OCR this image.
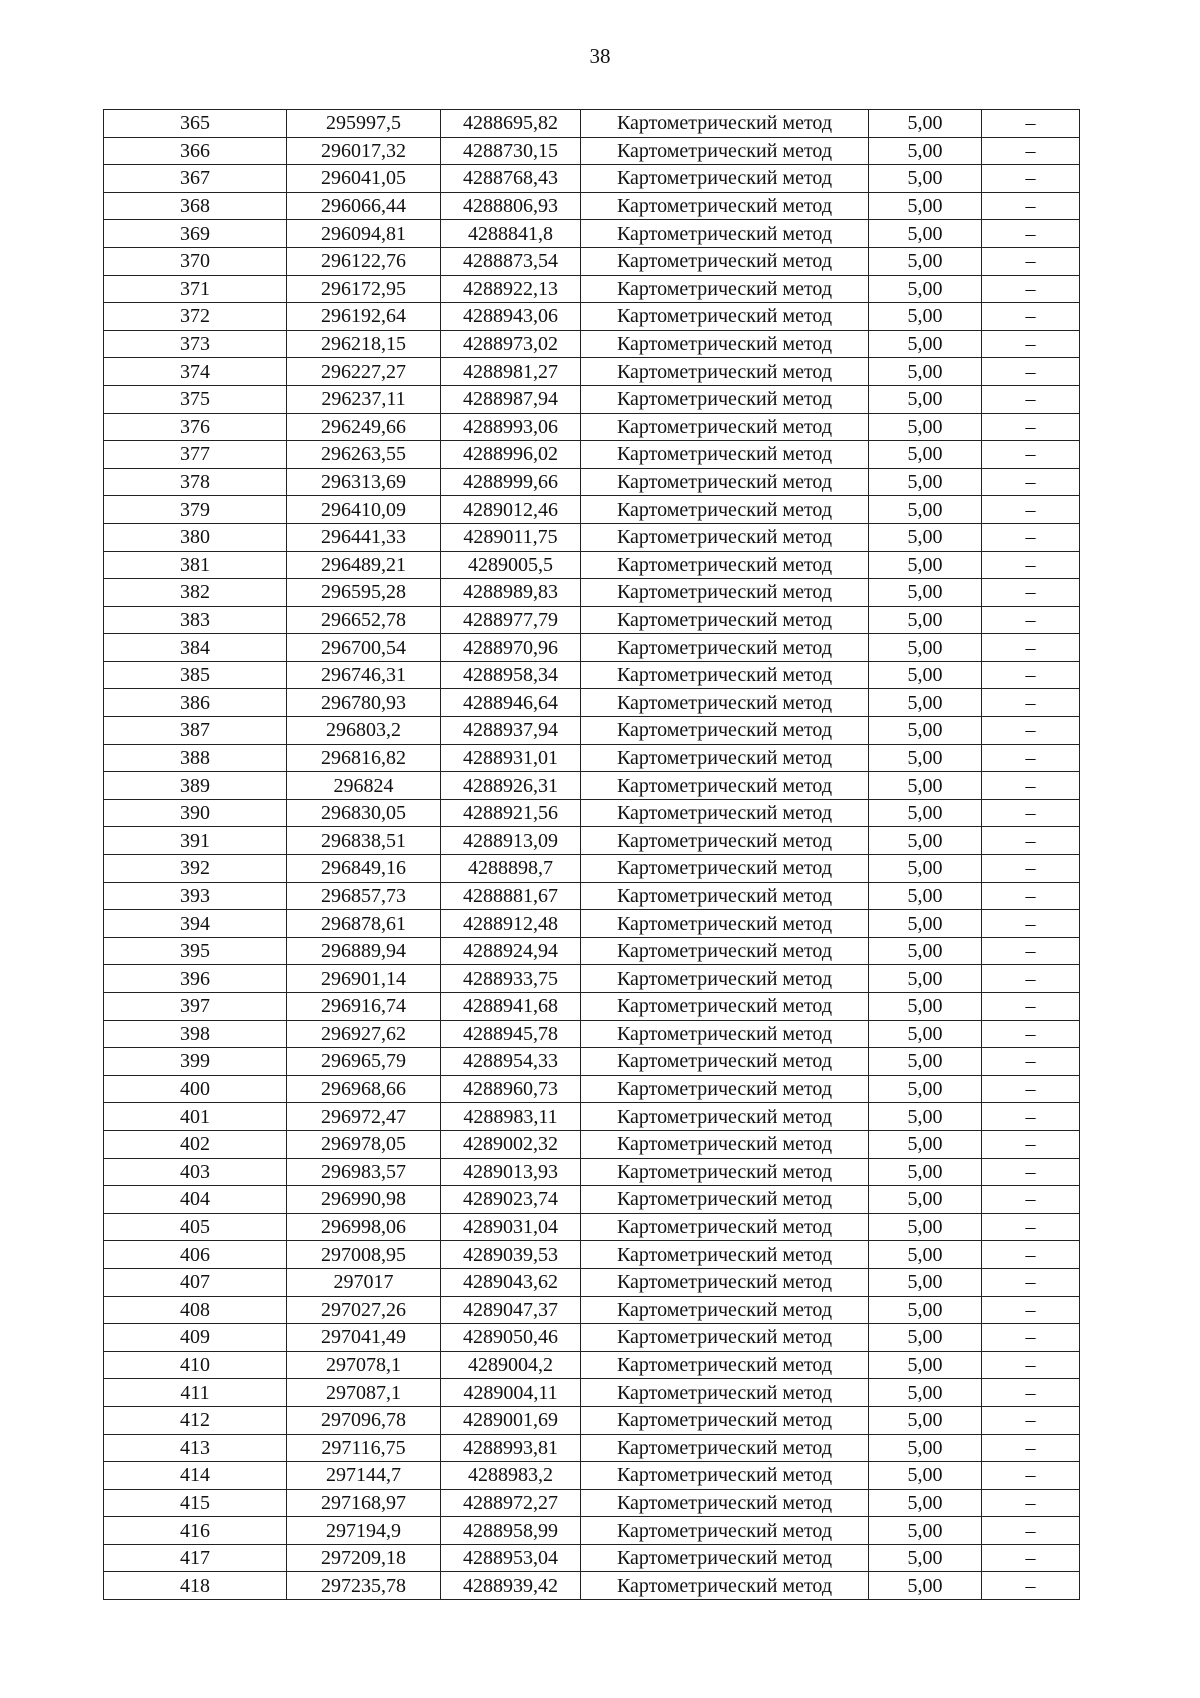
38
365	295997,5	4288695,82	Картометрический метод	5,00	–
366	296017,32	4288730,15	Картометрический метод	5,00	–
367	296041,05	4288768,43	Картометрический метод	5,00	–
368	296066,44	4288806,93	Картометрический метод	5,00	–
369	296094,81	4288841,8	Картометрический метод	5,00	–
370	296122,76	4288873,54	Картометрический метод	5,00	–
371	296172,95	4288922,13	Картометрический метод	5,00	–
372	296192,64	4288943,06	Картометрический метод	5,00	–
373	296218,15	4288973,02	Картометрический метод	5,00	–
374	296227,27	4288981,27	Картометрический метод	5,00	–
375	296237,11	4288987,94	Картометрический метод	5,00	–
376	296249,66	4288993,06	Картометрический метод	5,00	–
377	296263,55	4288996,02	Картометрический метод	5,00	–
378	296313,69	4288999,66	Картометрический метод	5,00	–
379	296410,09	4289012,46	Картометрический метод	5,00	–
380	296441,33	4289011,75	Картометрический метод	5,00	–
381	296489,21	4289005,5	Картометрический метод	5,00	–
382	296595,28	4288989,83	Картометрический метод	5,00	–
383	296652,78	4288977,79	Картометрический метод	5,00	–
384	296700,54	4288970,96	Картометрический метод	5,00	–
385	296746,31	4288958,34	Картометрический метод	5,00	–
386	296780,93	4288946,64	Картометрический метод	5,00	–
387	296803,2	4288937,94	Картометрический метод	5,00	–
388	296816,82	4288931,01	Картометрический метод	5,00	–
389	296824	4288926,31	Картометрический метод	5,00	–
390	296830,05	4288921,56	Картометрический метод	5,00	–
391	296838,51	4288913,09	Картометрический метод	5,00	–
392	296849,16	4288898,7	Картометрический метод	5,00	–
393	296857,73	4288881,67	Картометрический метод	5,00	–
394	296878,61	4288912,48	Картометрический метод	5,00	–
395	296889,94	4288924,94	Картометрический метод	5,00	–
396	296901,14	4288933,75	Картометрический метод	5,00	–
397	296916,74	4288941,68	Картометрический метод	5,00	–
398	296927,62	4288945,78	Картометрический метод	5,00	–
399	296965,79	4288954,33	Картометрический метод	5,00	–
400	296968,66	4288960,73	Картометрический метод	5,00	–
401	296972,47	4288983,11	Картометрический метод	5,00	–
402	296978,05	4289002,32	Картометрический метод	5,00	–
403	296983,57	4289013,93	Картометрический метод	5,00	–
404	296990,98	4289023,74	Картометрический метод	5,00	–
405	296998,06	4289031,04	Картометрический метод	5,00	–
406	297008,95	4289039,53	Картометрический метод	5,00	–
407	297017	4289043,62	Картометрический метод	5,00	–
408	297027,26	4289047,37	Картометрический метод	5,00	–
409	297041,49	4289050,46	Картометрический метод	5,00	–
410	297078,1	4289004,2	Картометрический метод	5,00	–
411	297087,1	4289004,11	Картометрический метод	5,00	–
412	297096,78	4289001,69	Картометрический метод	5,00	–
413	297116,75	4288993,81	Картометрический метод	5,00	–
414	297144,7	4288983,2	Картометрический метод	5,00	–
415	297168,97	4288972,27	Картометрический метод	5,00	–
416	297194,9	4288958,99	Картометрический метод	5,00	–
417	297209,18	4288953,04	Картометрический метод	5,00	–
418	297235,78	4288939,42	Картометрический метод	5,00	–
